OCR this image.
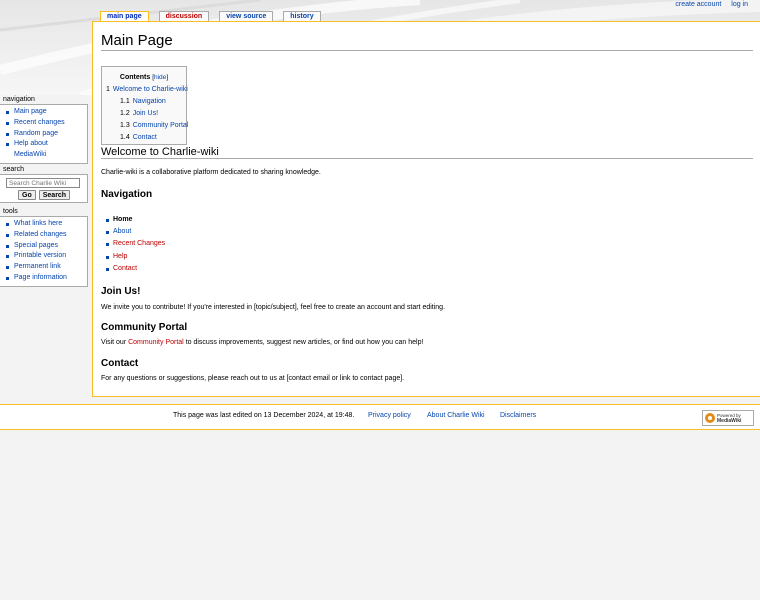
create account log in
main page	discussion	view source	history
navigation
Main page
Recent changes
Random page
Help about
MediaWiki
search
Search Charlie Wiki
Go	Search
tools
What links here
Related changes
Special pages
Printable version
Permanent link
Page information
Main Page
Contents [hide]
1 Welcome to Charlie-wiki
1.1 Navigation
1.2 Join Us!
1.3 Community Portal
1.4 Contact
Welcome to Charlie-wiki

Charlie-wiki is a collaborative platform dedicated to sharing knowledge.

Navigation
Home
About
Recent Changes
Help
Contact
Join Us!

We invite you to contribute! If you're interested in [topic/subject], feel free to create an account and start editing.

Community Portal

Visit our Community Portal to discuss improvements, suggest new articles, or find out how you can help!

Contact

For any questions or suggestions, please reach out to us at [contact email or link to contact page].

This page was last edited on 13 December 2024, at 19:48. Privacy policy About Charlie Wiki Disclaimers	Powered by
MediaWiki
